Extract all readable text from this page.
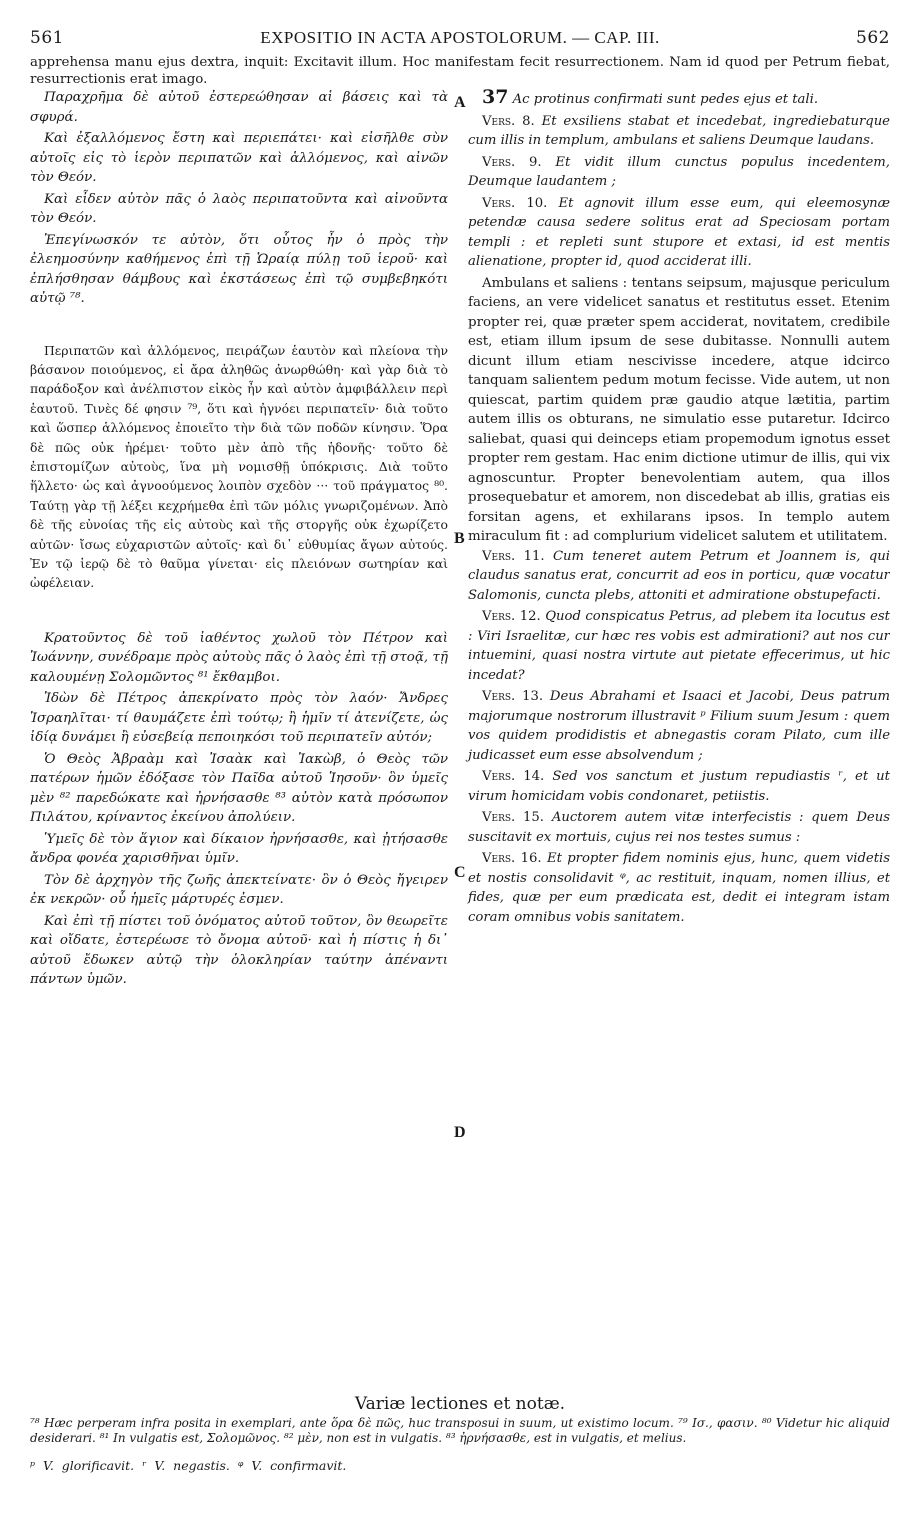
561	EXPOSITIO IN ACTA APOSTOLORUM. — CAP. III.	562

apprehensa manu ejus dextra, inquit: Excitavit illum. Hoc manifestam fecit resurrectionem. Nam id quod per Petrum fiebat, resurrectionis erat imago.

A
B
C
D

Παραχρῆμα δὲ αὐτοῦ ἐστερεώθησαν αἱ βάσεις καὶ τὰ σφυρά.

Καὶ ἐξαλλόμενος ἔστη καὶ περιεπάτει· καὶ εἰσῆλθε σὺν αὐτοῖς εἰς τὸ ἱερὸν περιπατῶν καὶ ἁλλόμενος, καὶ αἰνῶν τὸν Θεόν.

Καὶ εἶδεν αὐτὸν πᾶς ὁ λαὸς περιπατοῦντα καὶ αἰνοῦντα τὸν Θεόν.

Ἐπεγίνωσκόν τε αὐτὸν, ὅτι οὗτος ἦν ὁ πρὸς τὴν ἐλεημοσύνην καθήμενος ἐπὶ τῇ Ὡραίᾳ πύλῃ τοῦ ἱεροῦ· καὶ ἐπλήσθησαν θάμβους καὶ ἐκστάσεως ἐπὶ τῷ συμβεβηκότι αὐτῷ ⁷⁸.

Περιπατῶν καὶ ἁλλόμενος, πειράζων ἑαυτὸν καὶ πλείονα τὴν βάσανον ποιούμενος, εἰ ἄρα ἀληθῶς ἀνωρθώθη· καὶ γὰρ διὰ τὸ παράδοξον καὶ ἀνέλπιστον εἰκὸς ἦν καὶ αὐτὸν ἀμφιβάλλειν περὶ ἑαυτοῦ. Τινὲς δέ φησιν ⁷⁹, ὅτι καὶ ἠγνόει περιπατεῖν· διὰ τοῦτο καὶ ὥσπερ ἁλλόμενος ἐποιεῖτο τὴν διὰ τῶν ποδῶν κίνησιν. Ὅρα δὲ πῶς οὐκ ἠρέμει· τοῦτο μὲν ἀπὸ τῆς ἡδονῆς· τοῦτο δὲ ἐπιστομίζων αὐτοὺς, ἵνα μὴ νομισθῇ ὑπόκρισις. Διὰ τοῦτο ἥλλετο· ὡς καὶ ἀγνοούμενος λοιπὸν σχεδὸν ··· τοῦ πράγματος ⁸⁰. Ταύτῃ γὰρ τῇ λέξει κεχρήμεθα ἐπὶ τῶν μόλις γνωριζομένων. Ἀπὸ δὲ τῆς εὐνοίας τῆς εἰς αὐτοὺς καὶ τῆς στοργῆς οὐκ ἐχωρίζετο αὐτῶν· ἴσως εὐχαριστῶν αὐτοῖς· καὶ δι᾽ εὐθυμίας ἄγων αὐτούς. Ἐν τῷ ἱερῷ δὲ τὸ θαῦμα γίνεται· εἰς πλειόνων σωτηρίαν καὶ ὠφέλειαν.

Κρατοῦντος δὲ τοῦ ἰαθέντος χωλοῦ τὸν Πέτρον καὶ Ἰωάννην, συνέδραμε πρὸς αὐτοὺς πᾶς ὁ λαὸς ἐπὶ τῇ στοᾷ, τῇ καλουμένῃ Σολομῶντος ⁸¹ ἔκθαμβοι.

Ἰδὼν δὲ Πέτρος ἀπεκρίνατο πρὸς τὸν λαόν· Ἄνδρες Ἰσραηλῖται· τί θαυμάζετε ἐπὶ τούτῳ; ἢ ἡμῖν τί ἀτενίζετε, ὡς ἰδίᾳ δυνάμει ἢ εὐσεβείᾳ πεποιηκόσι τοῦ περιπατεῖν αὐτόν;

Ὁ Θεὸς Ἀβραὰμ καὶ Ἰσαὰκ καὶ Ἰακὼβ, ὁ Θεὸς τῶν πατέρων ἡμῶν ἐδόξασε τὸν Παῖδα αὐτοῦ Ἰησοῦν· ὃν ὑμεῖς μὲν ⁸² παρεδώκατε καὶ ἠρνήσασθε ⁸³ αὐτὸν κατὰ πρόσωπον Πιλάτου, κρίναντος ἐκείνου ἀπολύειν.

Ὑμεῖς δὲ τὸν ἅγιον καὶ δίκαιον ἠρνήσασθε, καὶ ᾐτήσασθε ἄνδρα φονέα χαρισθῆναι ὑμῖν.

Τὸν δὲ ἀρχηγὸν τῆς ζωῆς ἀπεκτείνατε· ὃν ὁ Θεὸς ἤγειρεν ἐκ νεκρῶν· οὗ ἡμεῖς μάρτυρές ἐσμεν.

Καὶ ἐπὶ τῇ πίστει τοῦ ὀνόματος αὐτοῦ τοῦτον, ὃν θεωρεῖτε καὶ οἴδατε, ἐστερέωσε τὸ ὄνομα αὐτοῦ· καὶ ἡ πίστις ἡ δι᾽ αὐτοῦ ἔδωκεν αὐτῷ τὴν ὁλοκληρίαν ταύτην ἀπέναντι πάντων ὑμῶν.

37 Ac protinus confirmati sunt pedes ejus et tali.

Vers. 8. Et exsiliens stabat et incedebat, ingrediebaturque cum illis in templum, ambulans et saliens Deumque laudans.

Vers. 9. Et vidit illum cunctus populus incedentem, Deumque laudantem ;

Vers. 10. Et agnovit illum esse eum, qui eleemosynæ petendæ causa sedere solitus erat ad Speciosam portam templi : et repleti sunt stupore et extasi, id est mentis alienatione, propter id, quod acciderat illi.

Ambulans et saliens : tentans seipsum, majusque periculum faciens, an vere videlicet sanatus et restitutus esset. Etenim propter rei, quæ præter spem acciderat, novitatem, credibile est, etiam illum ipsum de sese dubitasse. Nonnulli autem dicunt illum etiam nescivisse incedere, atque idcirco tanquam salientem pedum motum fecisse. Vide autem, ut non quiescat, partim quidem præ gaudio atque lætitia, partim autem illis os obturans, ne simulatio esse putaretur. Idcirco saliebat, quasi qui deinceps etiam propemodum ignotus esset propter rem gestam. Hac enim dictione utimur de illis, qui vix agnoscuntur. Propter benevolentiam autem, qua illos prosequebatur et amorem, non discedebat ab illis, gratias eis forsitan agens, et exhilarans ipsos. In templo autem miraculum fit : ad complurium videlicet salutem et utilitatem.

Vers. 11. Cum teneret autem Petrum et Joannem is, qui claudus sanatus erat, concurrit ad eos in porticu, quæ vocatur Salomonis, cuncta plebs, attoniti et admiratione obstupefacti.

Vers. 12. Quod conspicatus Petrus, ad plebem ita locutus est : Viri Israelitæ, cur hæc res vobis est admirationi? aut nos cur intuemini, quasi nostra virtute aut pietate effecerimus, ut hic incedat?

Vers. 13. Deus Abrahami et Isaaci et Jacobi, Deus patrum majorumque nostrorum illustravit ᵖ Filium suum Jesum : quem vos quidem prodidistis et abnegastis coram Pilato, cum ille judicasset eum esse absolvendum ;

Vers. 14. Sed vos sanctum et justum repudiastis ʳ, et ut virum homicidam vobis condonaret, petiistis.

Vers. 15. Auctorem autem vitæ interfecistis : quem Deus suscitavit ex mortuis, cujus rei nos testes sumus :

Vers. 16. Et propter fidem nominis ejus, hunc, quem videtis et nostis consolidavit ᵠ, ac restituit, inquam, nomen illius, et fides, quæ per eum prædicata est, dedit ei integram istam coram omnibus vobis sanitatem.

Variæ lectiones et notæ.

⁷⁸ Hæc perperam infra posita in exemplari, ante ὅρα δὲ πῶς, huc transposui in suum, ut existimo locum. ⁷⁹ Ισ., φασιν. ⁸⁰ Videtur hic aliquid desiderari. ⁸¹ In vulgatis est, Σολομῶνος. ⁸² μὲν, non est in vulgatis. ⁸³ ἠρνήσασθε, est in vulgatis, et melius.

ᵖ V. glorificavit. ʳ V. negastis. ᵠ V. confirmavit.
